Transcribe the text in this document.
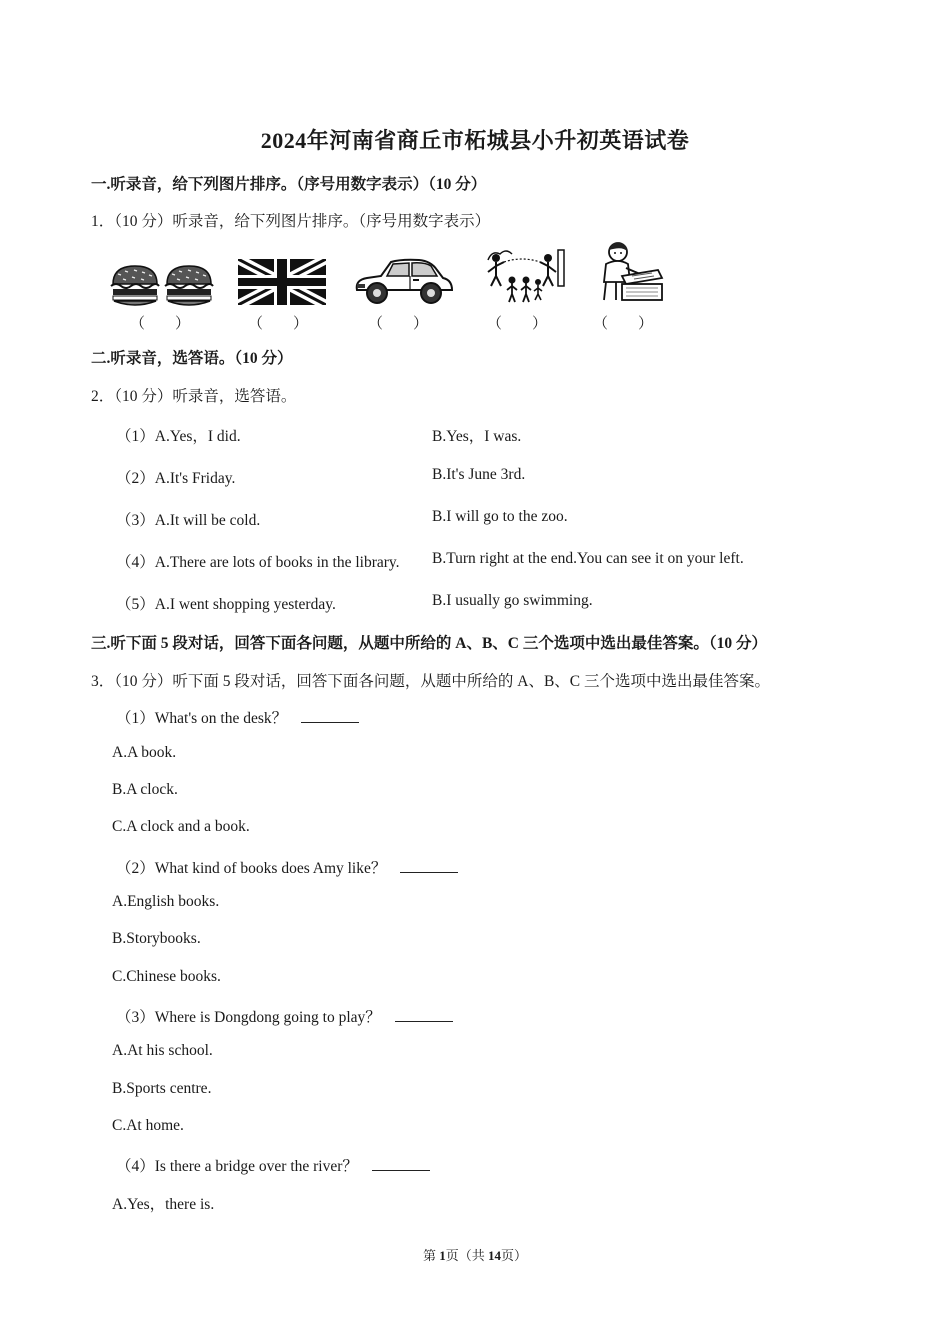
2024年河南省商丘市柘城县小升初英语试卷
一.听录音，给下列图片排序。（序号用数字表示）（10 分）
1．（10 分）听录音，给下列图片排序。（序号用数字表示）
（　　）	（　　）	（　　）	（　　）	（　　）
二.听录音，选答语。（10 分）
2．（10 分）听录音，选答语。
（1）A.Yes，I did.	B.Yes，I was.
（2）A.It's Friday.	B.It's June 3rd.
（3）A.It will be cold.	B.I will go to the zoo.
（4）A.There are lots of books in the library. B.Turn right at the end.You can see it on your left.
（5）A.I went shopping yesterday.	B.I usually go swimming.
三.听下面 5 段对话，回答下面各问题，从题中所给的 A、B、C 三个选项中选出最佳答案。（10 分）
3．（10 分）听下面 5 段对话，回答下面各问题，从题中所给的 A、B、C 三个选项中选出最佳答案。
（1）What's on the desk？
A.A book.
B.A clock.
C.A clock and a book.
（2）What kind of books does Amy like？
A.English books.
B.Storybooks.
C.Chinese books.
（3）Where is Dongdong going to play？
A.At his school.
B.Sports centre.
C.At home.
（4）Is there a bridge over the river？
A.Yes，there is.
第 1页（共 14页）
